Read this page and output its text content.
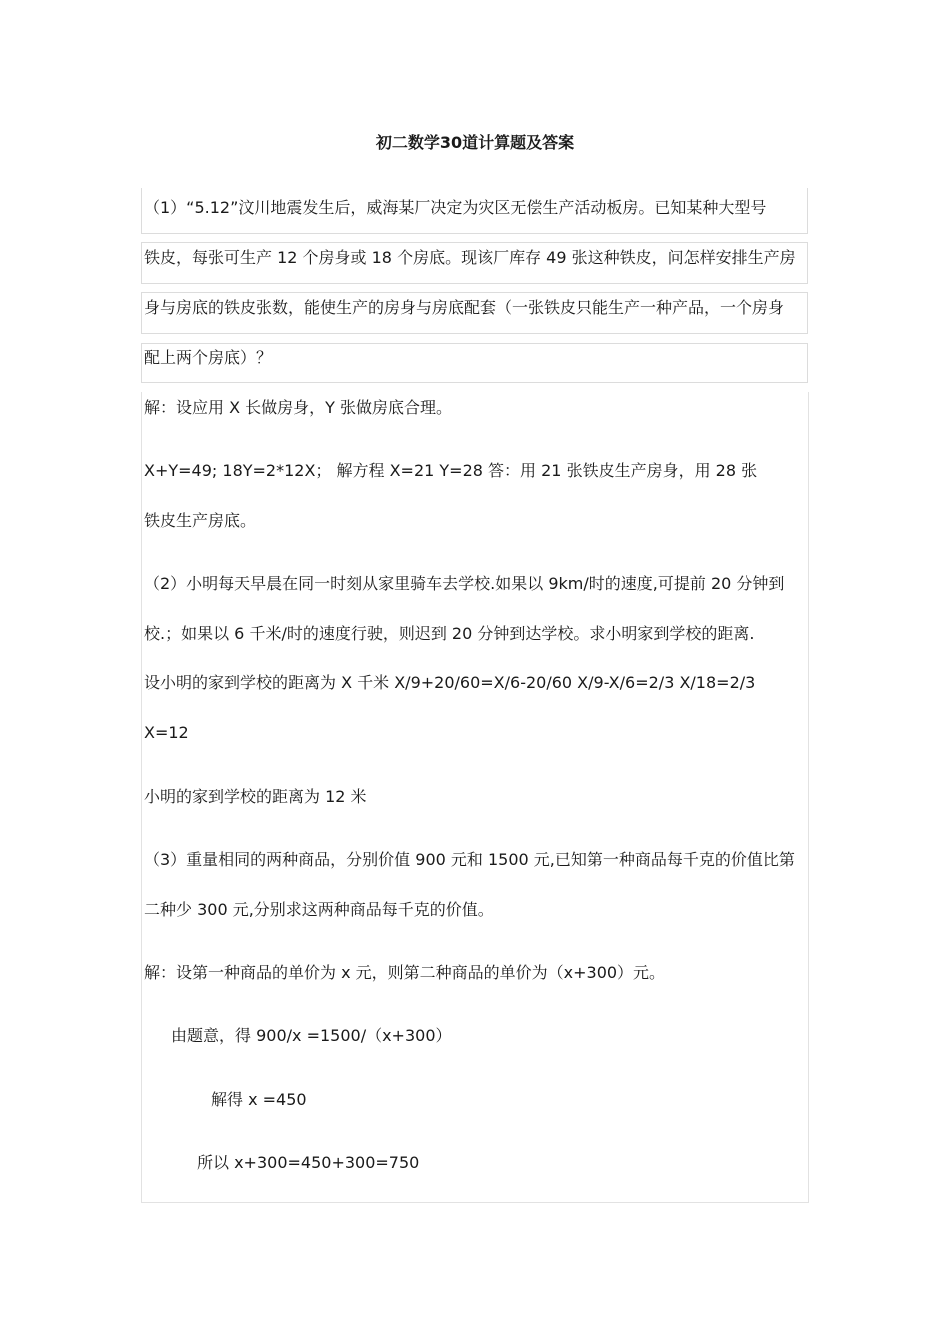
初二数学30道计算题及答案
（1）“5.12”汶川地震发生后，威海某厂决定为灾区无偿生产活动板房。已知某种大型号
铁皮，每张可生产 12 个房身或 18 个房底。现该厂库存 49 张这种铁皮，问怎样安排生产房
身与房底的铁皮张数，能使生产的房身与房底配套（一张铁皮只能生产一种产品，一个房身
配上两个房底）？
解：设应用 X 长做房身，Y 张做房底合理。
X+Y=49; 18Y=2*12X； 解方程 X=21 Y=28 答：用 21 张铁皮生产房身，用 28 张
铁皮生产房底。
（2）小明每天早晨在同一时刻从家里骑车去学校.如果以 9km/时的速度,可提前 20 分钟到
校.；如果以 6 千米/时的速度行驶，则迟到 20 分钟到达学校。求小明家到学校的距离.
设小明的家到学校的距离为 X 千米 X/9+20/60=X/6-20/60 X/9-X/6=2/3 X/18=2/3
X=12
小明的家到学校的距离为 12 米
（3）重量相同的两种商品，分别价值 900 元和 1500 元,已知第一种商品每千克的价值比第
二种少 300 元,分别求这两种商品每千克的价值。
解：设第一种商品的单价为 x 元，则第二种商品的单价为（x+300）元。
由题意，得 900/x =1500/（x+300）
解得 x =450
所以 x+300=450+300=750
